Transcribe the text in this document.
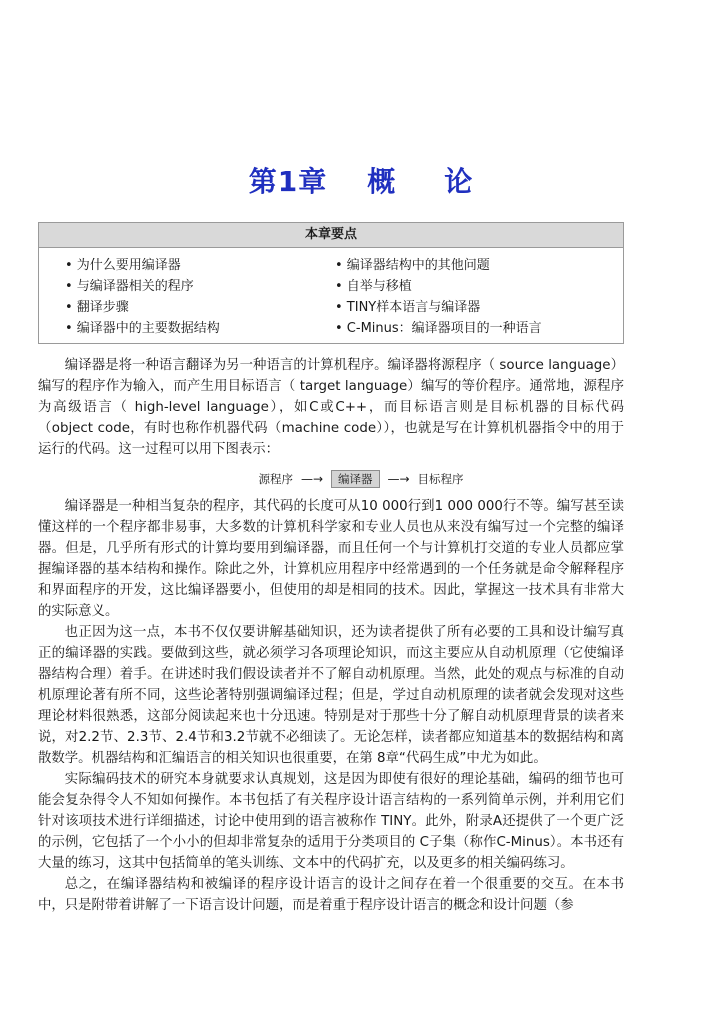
第1章 概 论
本章要点
• 为什么要用编译器
• 与编译器相关的程序
• 翻译步骤
• 编译器中的主要数据结构
• 编译器结构中的其他问题
• 自举与移植
• TINY样本语言与编译器
• C-Minus：编译器项目的一种语言

编译器是将一种语言翻译为另一种语言的计算机程序。编译器将源程序（ source language）编写的程序作为输入，而产生用目标语言（ target language）编写的等价程序。通常地，源程序为高级语言（ high-level language），如C或C++，而目标语言则是目标机器的目标代码（object code，有时也称作机器代码（machine code）），也就是写在计算机机器指令中的用于运行的代码。这一过程可以用下图表示：

源程序 —→	编译器	—→ 目标程序

编译器是一种相当复杂的程序，其代码的长度可从10 000行到1 000 000行不等。编写甚至读懂这样的一个程序都非易事，大多数的计算机科学家和专业人员也从来没有编写过一个完整的编译器。但是，几乎所有形式的计算均要用到编译器，而且任何一个与计算机打交道的专业人员都应掌握编译器的基本结构和操作。除此之外，计算机应用程序中经常遇到的一个任务就是命令解释程序和界面程序的开发，这比编译器要小，但使用的却是相同的技术。因此，掌握这一技术具有非常大的实际意义。

也正因为这一点，本书不仅仅要讲解基础知识，还为读者提供了所有必要的工具和设计编写真正的编译器的实践。要做到这些，就必须学习各项理论知识，而这主要应从自动机原理（它使编译器结构合理）着手。在讲述时我们假设读者并不了解自动机原理。当然，此处的观点与标准的自动机原理论著有所不同，这些论著特别强调编译过程；但是，学过自动机原理的读者就会发现对这些理论材料很熟悉，这部分阅读起来也十分迅速。特别是对于那些十分了解自动机原理背景的读者来说，对2.2节、2.3节、2.4节和3.2节就不必细读了。无论怎样，读者都应知道基本的数据结构和离散数学。机器结构和汇编语言的相关知识也很重要，在第 8章“代码生成”中尤为如此。

实际编码技术的研究本身就要求认真规划，这是因为即使有很好的理论基础，编码的细节也可能会复杂得令人不知如何操作。本书包括了有关程序设计语言结构的一系列简单示例，并利用它们针对该项技术进行详细描述，讨论中使用到的语言被称作 TINY。此外，附录A还提供了一个更广泛的示例，它包括了一个小小的但却非常复杂的适用于分类项目的 C子集（称作C-Minus）。本书还有大量的练习，这其中包括简单的笔头训练、文本中的代码扩充，以及更多的相关编码练习。

总之，在编译器结构和被编译的程序设计语言的设计之间存在着一个很重要的交互。在本书中，只是附带着讲解了一下语言设计问题，而是着重于程序设计语言的概念和设计问题（参
